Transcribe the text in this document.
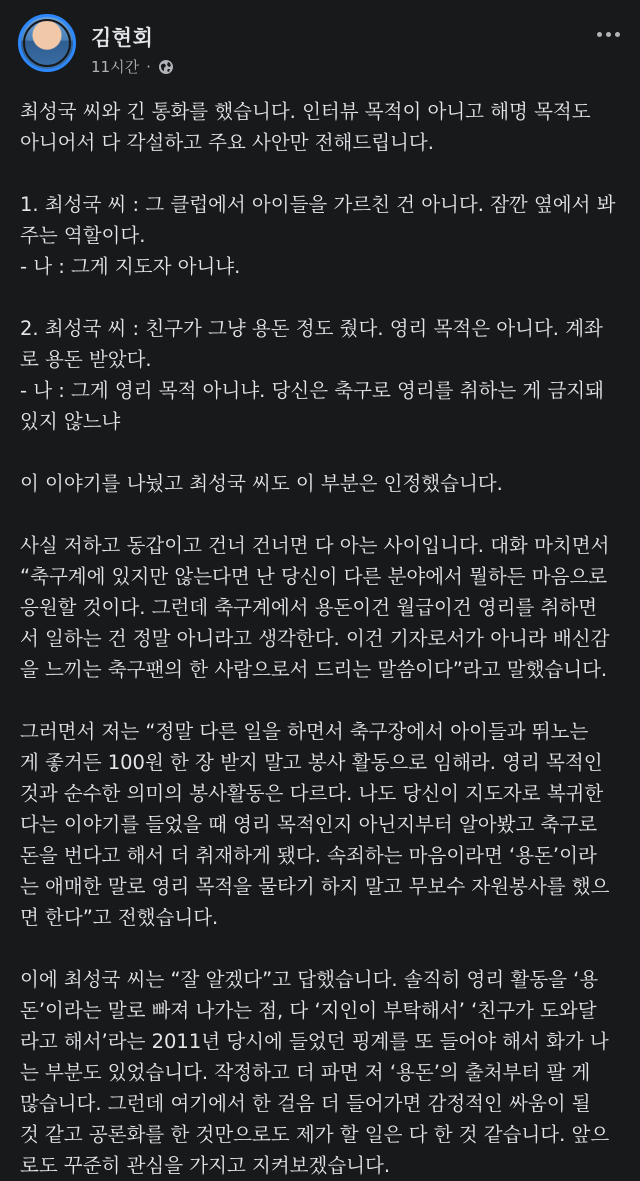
김현회
11시간 ·
최성국 씨와 긴 통화를 했습니다. 인터뷰 목적이 아니고 해명 목적도
아니어서 다 각설하고 주요 사안만 전해드립니다.
1. 최성국 씨 : 그 클럽에서 아이들을 가르친 건 아니다. 잠깐 옆에서 봐
주는 역할이다.
- 나 : 그게 지도자 아니냐.
2. 최성국 씨 : 친구가 그냥 용돈 정도 줬다. 영리 목적은 아니다. 계좌
로 용돈 받았다.
- 나 : 그게 영리 목적 아니냐. 당신은 축구로 영리를 취하는 게 금지돼
있지 않느냐
이 이야기를 나눴고 최성국 씨도 이 부분은 인정했습니다.
사실 저하고 동갑이고 건너 건너면 다 아는 사이입니다. 대화 마치면서
“축구계에 있지만 않는다면 난 당신이 다른 분야에서 뭘하든 마음으로
응원할 것이다. 그런데 축구계에서 용돈이건 월급이건 영리를 취하면
서 일하는 건 정말 아니라고 생각한다. 이건 기자로서가 아니라 배신감
을 느끼는 축구팬의 한 사람으로서 드리는 말씀이다”라고 말했습니다.
그러면서 저는 “정말 다른 일을 하면서 축구장에서 아이들과 뛰노는
게 좋거든 100원 한 장 받지 말고 봉사 활동으로 임해라. 영리 목적인
것과 순수한 의미의 봉사활동은 다르다. 나도 당신이 지도자로 복귀한
다는 이야기를 들었을 때 영리 목적인지 아닌지부터 알아봤고 축구로
돈을 번다고 해서 더 취재하게 됐다. 속죄하는 마음이라면 ‘용돈’이라
는 애매한 말로 영리 목적을 물타기 하지 말고 무보수 자원봉사를 했으
면 한다”고 전했습니다.
이에 최성국 씨는 “잘 알겠다”고 답했습니다. 솔직히 영리 활동을 ‘용
돈’이라는 말로 빠져 나가는 점, 다 ‘지인이 부탁해서’ ‘친구가 도와달
라고 해서’라는 2011년 당시에 들었던 핑계를 또 들어야 해서 화가 나
는 부분도 있었습니다. 작정하고 더 파면 저 ‘용돈’의 출처부터 팔 게
많습니다. 그런데 여기에서 한 걸음 더 들어가면 감정적인 싸움이 될
것 같고 공론화를 한 것만으로도 제가 할 일은 다 한 것 같습니다. 앞으
로도 꾸준히 관심을 가지고 지켜보겠습니다.
